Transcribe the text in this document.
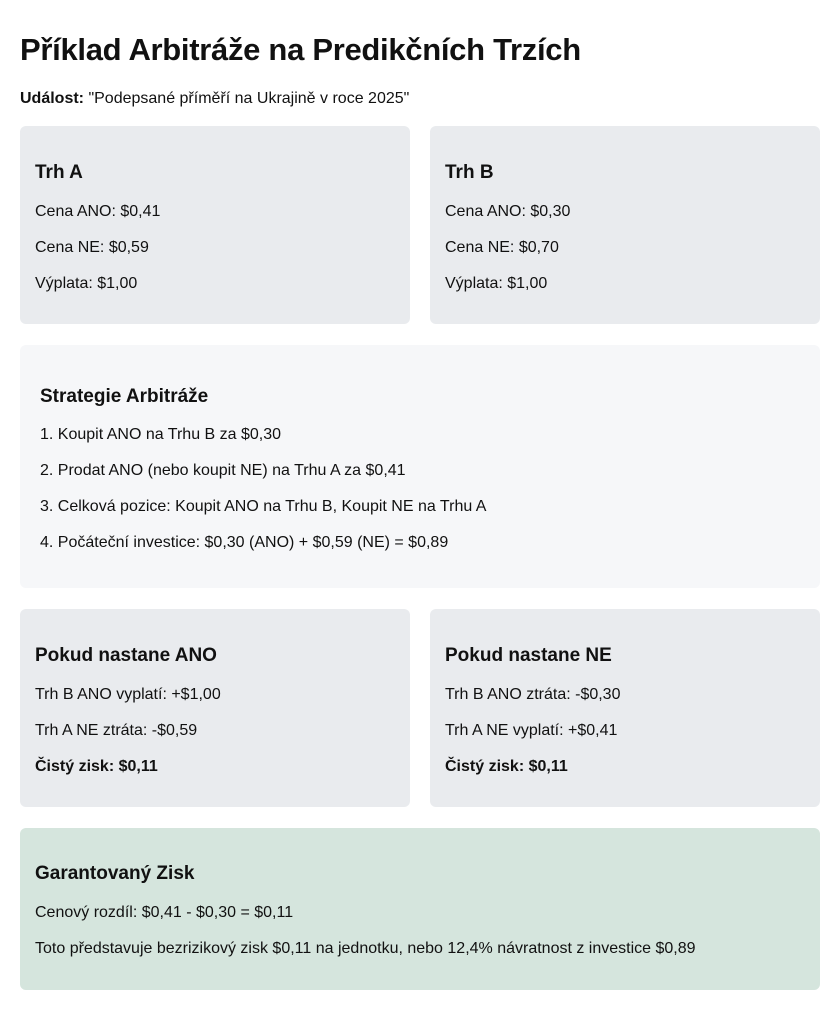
Příklad Arbitráže na Predikčních Trzích
Událost: "Podepsané příměří na Ukrajině v roce 2025"
Trh A

Cena ANO: $0,41

Cena NE: $0,59

Výplata: $1,00

Trh B

Cena ANO: $0,30

Cena NE: $0,70

Výplata: $1,00

Strategie Arbitráže

1. Koupit ANO na Trhu B za $0,30

2. Prodat ANO (nebo koupit NE) na Trhu A za $0,41

3. Celková pozice: Koupit ANO na Trhu B, Koupit NE na Trhu A

4. Počáteční investice: $0,30 (ANO) + $0,59 (NE) = $0,89

Pokud nastane ANO

Trh B ANO vyplatí: +$1,00

Trh A NE ztráta: -$0,59

Čistý zisk: $0,11

Pokud nastane NE

Trh B ANO ztráta: -$0,30

Trh A NE vyplatí: +$0,41

Čistý zisk: $0,11

Garantovaný Zisk

Cenový rozdíl: $0,41 - $0,30 = $0,11

Toto představuje bezrizikový zisk $0,11 na jednotku, nebo 12,4% návratnost z investice $0,89
